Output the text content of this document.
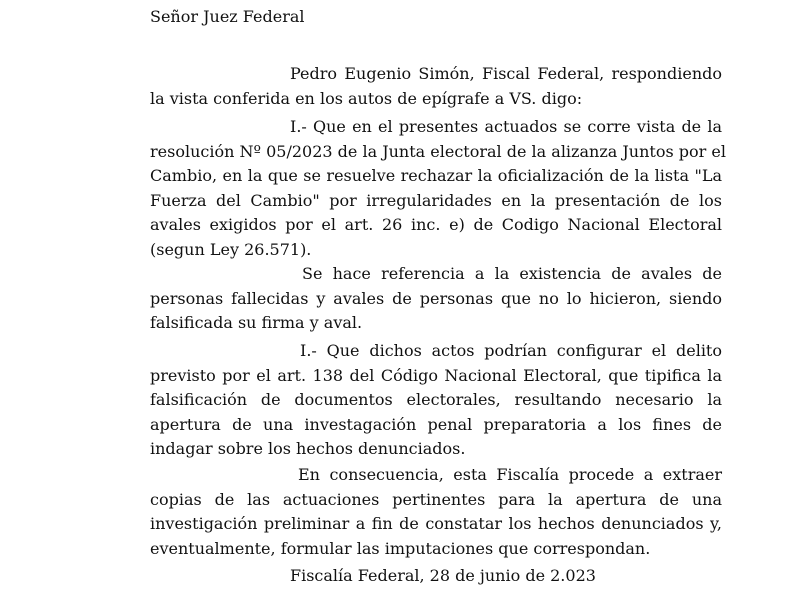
Señor Juez Federal
Pedro Eugenio Simón, Fiscal Federal, respondiendo
la vista conferida en los autos de epígrafe a VS. digo:
I.- Que en el presentes actuados se corre vista de la
resolución Nº 05/2023 de la Junta electoral de la alizanza Juntos por el
Cambio, en la que se resuelve rechazar la oficialización de la lista "La
Fuerza del Cambio" por irregularidades en la presentación de los
avales exigidos por el art. 26 inc. e) de Codigo Nacional Electoral
(segun Ley 26.571).
Se hace referencia a la existencia de avales de
personas fallecidas y avales de personas que no lo hicieron, siendo
falsificada su firma y aval.
I.- Que dichos actos podrían configurar el delito
previsto por el art. 138 del Código Nacional Electoral, que tipifica la
falsificación de documentos electorales, resultando necesario la
apertura de una investagación penal preparatoria a los fines de
indagar sobre los hechos denunciados.
En consecuencia, esta Fiscalía procede a extraer
copias de las actuaciones pertinentes para la apertura de una
investigación preliminar a fin de constatar los hechos denunciados y,
eventualmente, formular las imputaciones que correspondan.
Fiscalía Federal, 28 de junio de 2.023
